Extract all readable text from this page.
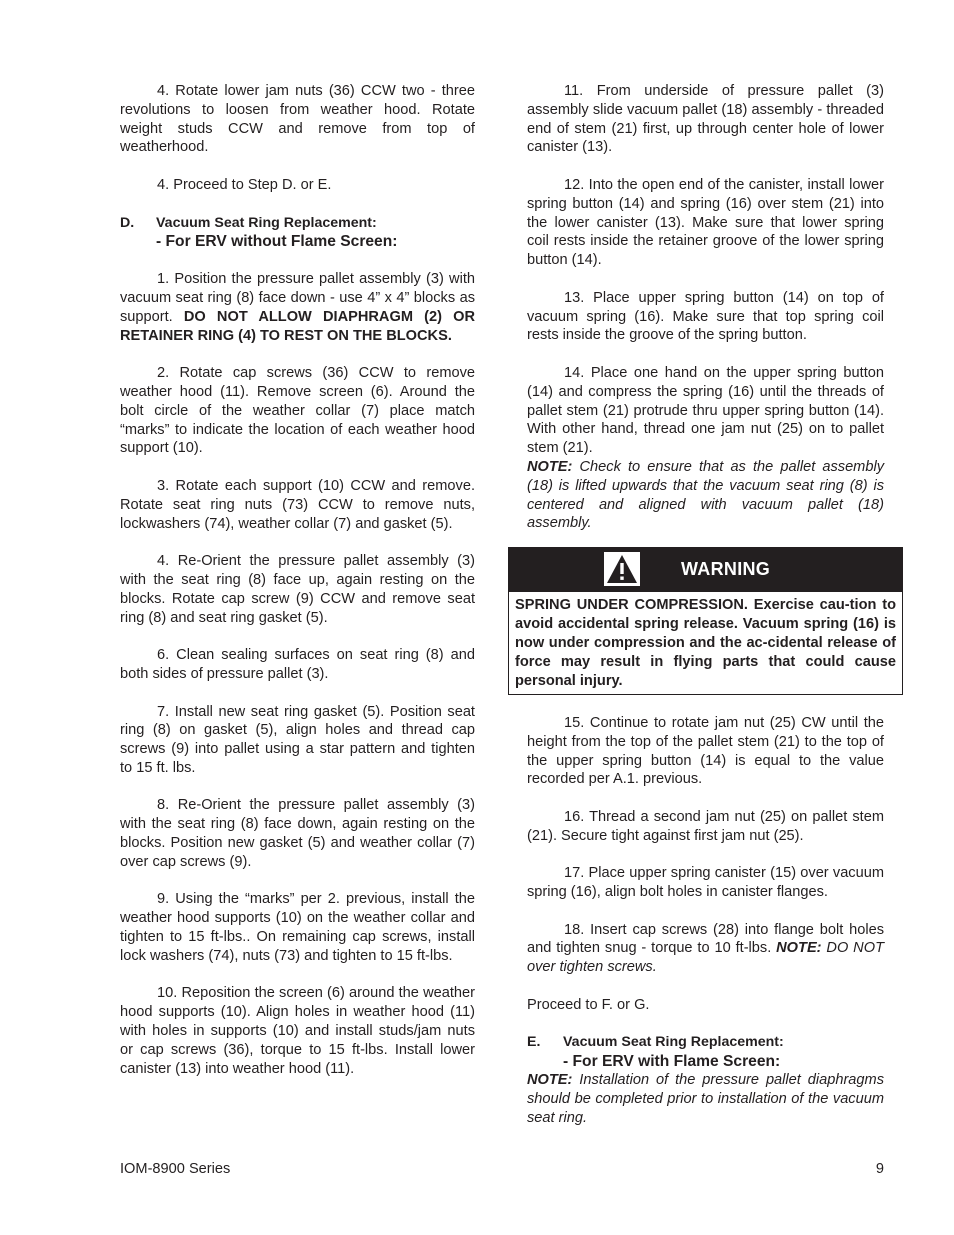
4. Rotate lower jam nuts (36) CCW two - three revolutions to loosen from weather hood. Rotate weight studs CCW and remove from top of weatherhood.

4. Proceed to Step D. or E.

D. Vacuum Seat Ring Replacement:
- For ERV without Flame Screen:

1. Position the pressure pallet assembly (3) with vacuum seat ring (8) face down - use 4” x 4” blocks as support. DO NOT ALLOW DIAPHRAGM (2) OR RETAINER RING (4) TO REST ON THE BLOCKS.

2. Rotate cap screws (36) CCW to remove weather hood (11). Remove screen (6). Around the bolt circle of the weather collar (7) place match “marks” to indicate the location of each weather hood support (10).

3. Rotate each support (10) CCW and remove. Rotate seat ring nuts (73) CCW to remove nuts, lockwashers (74), weather collar (7) and gasket (5).

4. Re-Orient the pressure pallet assembly (3) with the seat ring (8) face up, again resting on the blocks. Rotate cap screw (9) CCW and remove seat ring (8) and seat ring gasket (5).

6. Clean sealing surfaces on seat ring (8) and both sides of pressure pallet (3).

7. Install new seat ring gasket (5). Position seat ring (8) on gasket (5), align holes and thread cap screws (9) into pallet using a star pattern and tighten to 15 ft. lbs.

8. Re-Orient the pressure pallet assembly (3) with the seat ring (8) face down, again resting on the blocks. Position new gasket (5) and weather collar (7) over cap screws (9).

9. Using the “marks” per 2. previous, install the weather hood supports (10) on the weather collar and tighten to 15 ft-lbs.. On remaining cap screws, install lock washers (74), nuts (73) and tighten to 15 ft-lbs.

10. Reposition the screen (6) around the weather hood supports (10). Align holes in weather hood (11) with holes in supports (10) and install studs/jam nuts or cap screws (36), torque to 15 ft-lbs. Install lower canister (13) into weather hood (11).

11. From underside of pressure pallet (3) assembly slide vacuum pallet (18) assembly - threaded end of stem (21) first, up through center hole of lower canister (13).

12. Into the open end of the canister, install lower spring button (14) and spring (16) over stem (21) into the lower canister (13). Make sure that lower spring coil rests inside the retainer groove of the lower spring button (14).

13. Place upper spring button (14) on top of vacuum spring (16). Make sure that top spring coil rests inside the groove of the spring button.

14. Place one hand on the upper spring button (14) and compress the spring (16) until the threads of pallet stem (21) protrude thru upper spring button (14). With other hand, thread one jam nut (25) on to pallet stem (21).

NOTE: Check to ensure that as the pallet assembly (18) is lifted upwards that the vacuum seat ring (8) is centered and aligned with vacuum pallet (18) assembly.

WARNING
SPRING UNDER COMPRESSION. Exercise cau-tion to avoid accidental spring release. Vacuum spring (16) is now under compression and the ac-cidental release of force may result in flying parts that could cause personal injury.

15. Continue to rotate jam nut (25) CW until the height from the top of the pallet stem (21) to the top of the upper spring button (14) is equal to the value recorded per A.1. previous.

16. Thread a second jam nut (25) on pallet stem (21). Secure tight against first jam nut (25).

17. Place upper spring canister (15) over vacuum spring (16), align bolt holes in canister flanges.

18. Insert cap screws (28) into flange bolt holes and tighten snug - torque to 10 ft-lbs. NOTE: DO NOT over tighten screws.

Proceed to F. or G.

E. Vacuum Seat Ring Replacement:
- For ERV with Flame Screen:

NOTE: Installation of the pressure pallet diaphragms should be completed prior to installation of the vacuum seat ring.

IOM-8900 Series	9
